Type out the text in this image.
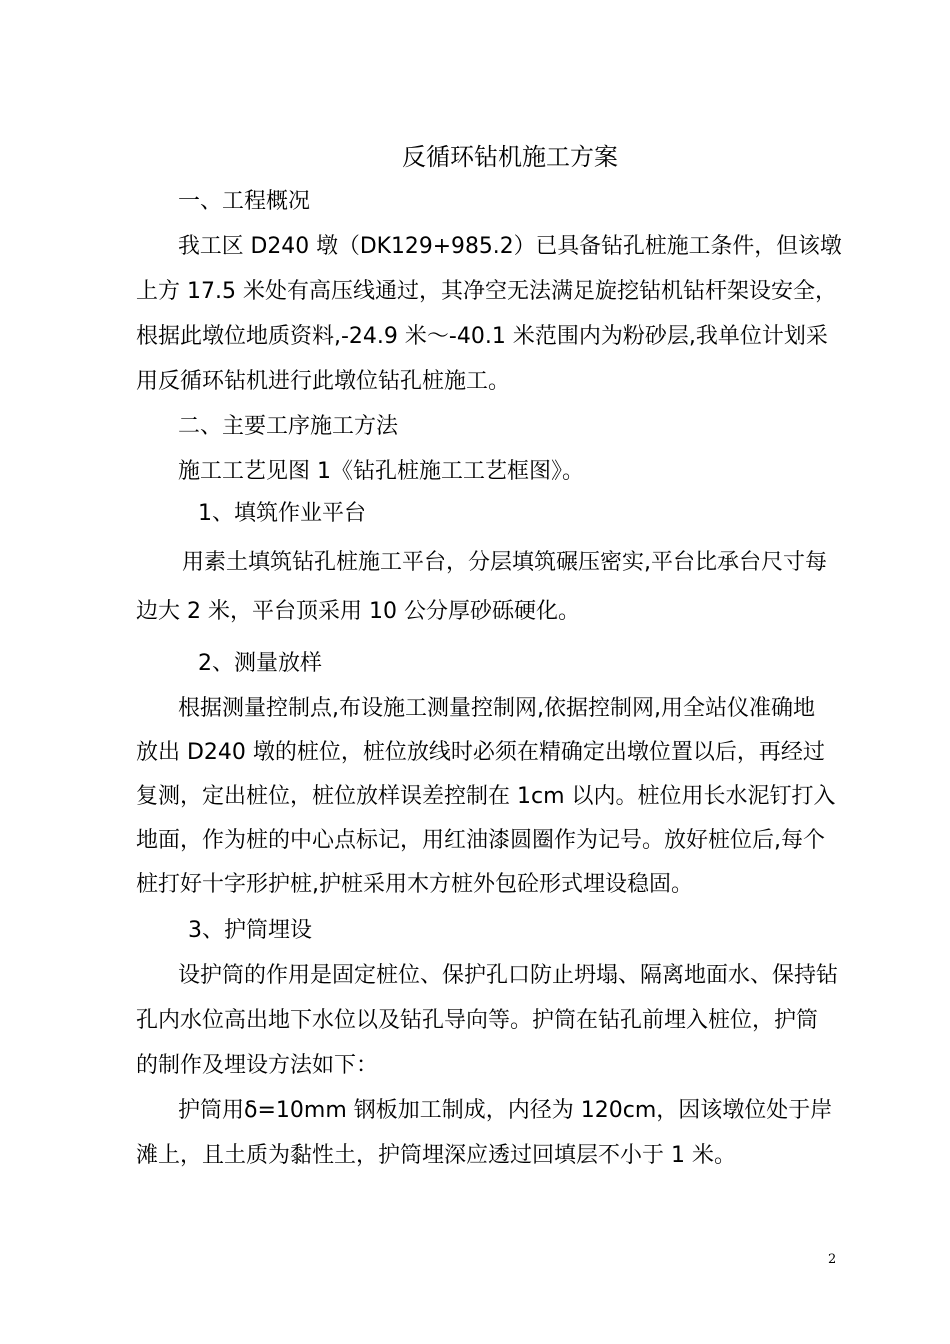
反循环钻机施工方案
一、工程概况
我工区 D240 墩（DK129+985.2）已具备钻孔桩施工条件，但该墩
上方 17.5 米处有高压线通过，其净空无法满足旋挖钻机钻杆架设安全，
根据此墩位地质资料,-24.9 米～-40.1 米范围内为粉砂层,我单位计划采
用反循环钻机进行此墩位钻孔桩施工。
二、主要工序施工方法
施工工艺见图 1《钻孔桩施工工艺框图》。
1、填筑作业平台
用素土填筑钻孔桩施工平台，分层填筑碾压密实,平台比承台尺寸每
边大 2 米，平台顶采用 10 公分厚砂砾硬化。
2、测量放样
根据测量控制点,布设施工测量控制网,依据控制网,用全站仪准确地
放出 D240 墩的桩位，桩位放线时必须在精确定出墩位置以后，再经过
复测，定出桩位，桩位放样误差控制在 1cm 以内。桩位用长水泥钉打入
地面，作为桩的中心点标记，用红油漆圆圈作为记号。放好桩位后,每个
桩打好十字形护桩,护桩采用木方桩外包砼形式埋设稳固。
3、护筒埋设
设护筒的作用是固定桩位、保护孔口防止坍塌、隔离地面水、保持钻
孔内水位高出地下水位以及钻孔导向等。护筒在钻孔前埋入桩位，护筒
的制作及埋设方法如下：
护筒用δ=10mm 钢板加工制成，内径为 120cm，因该墩位处于岸
滩上，且土质为黏性土，护筒埋深应透过回填层不小于 1 米。
2
